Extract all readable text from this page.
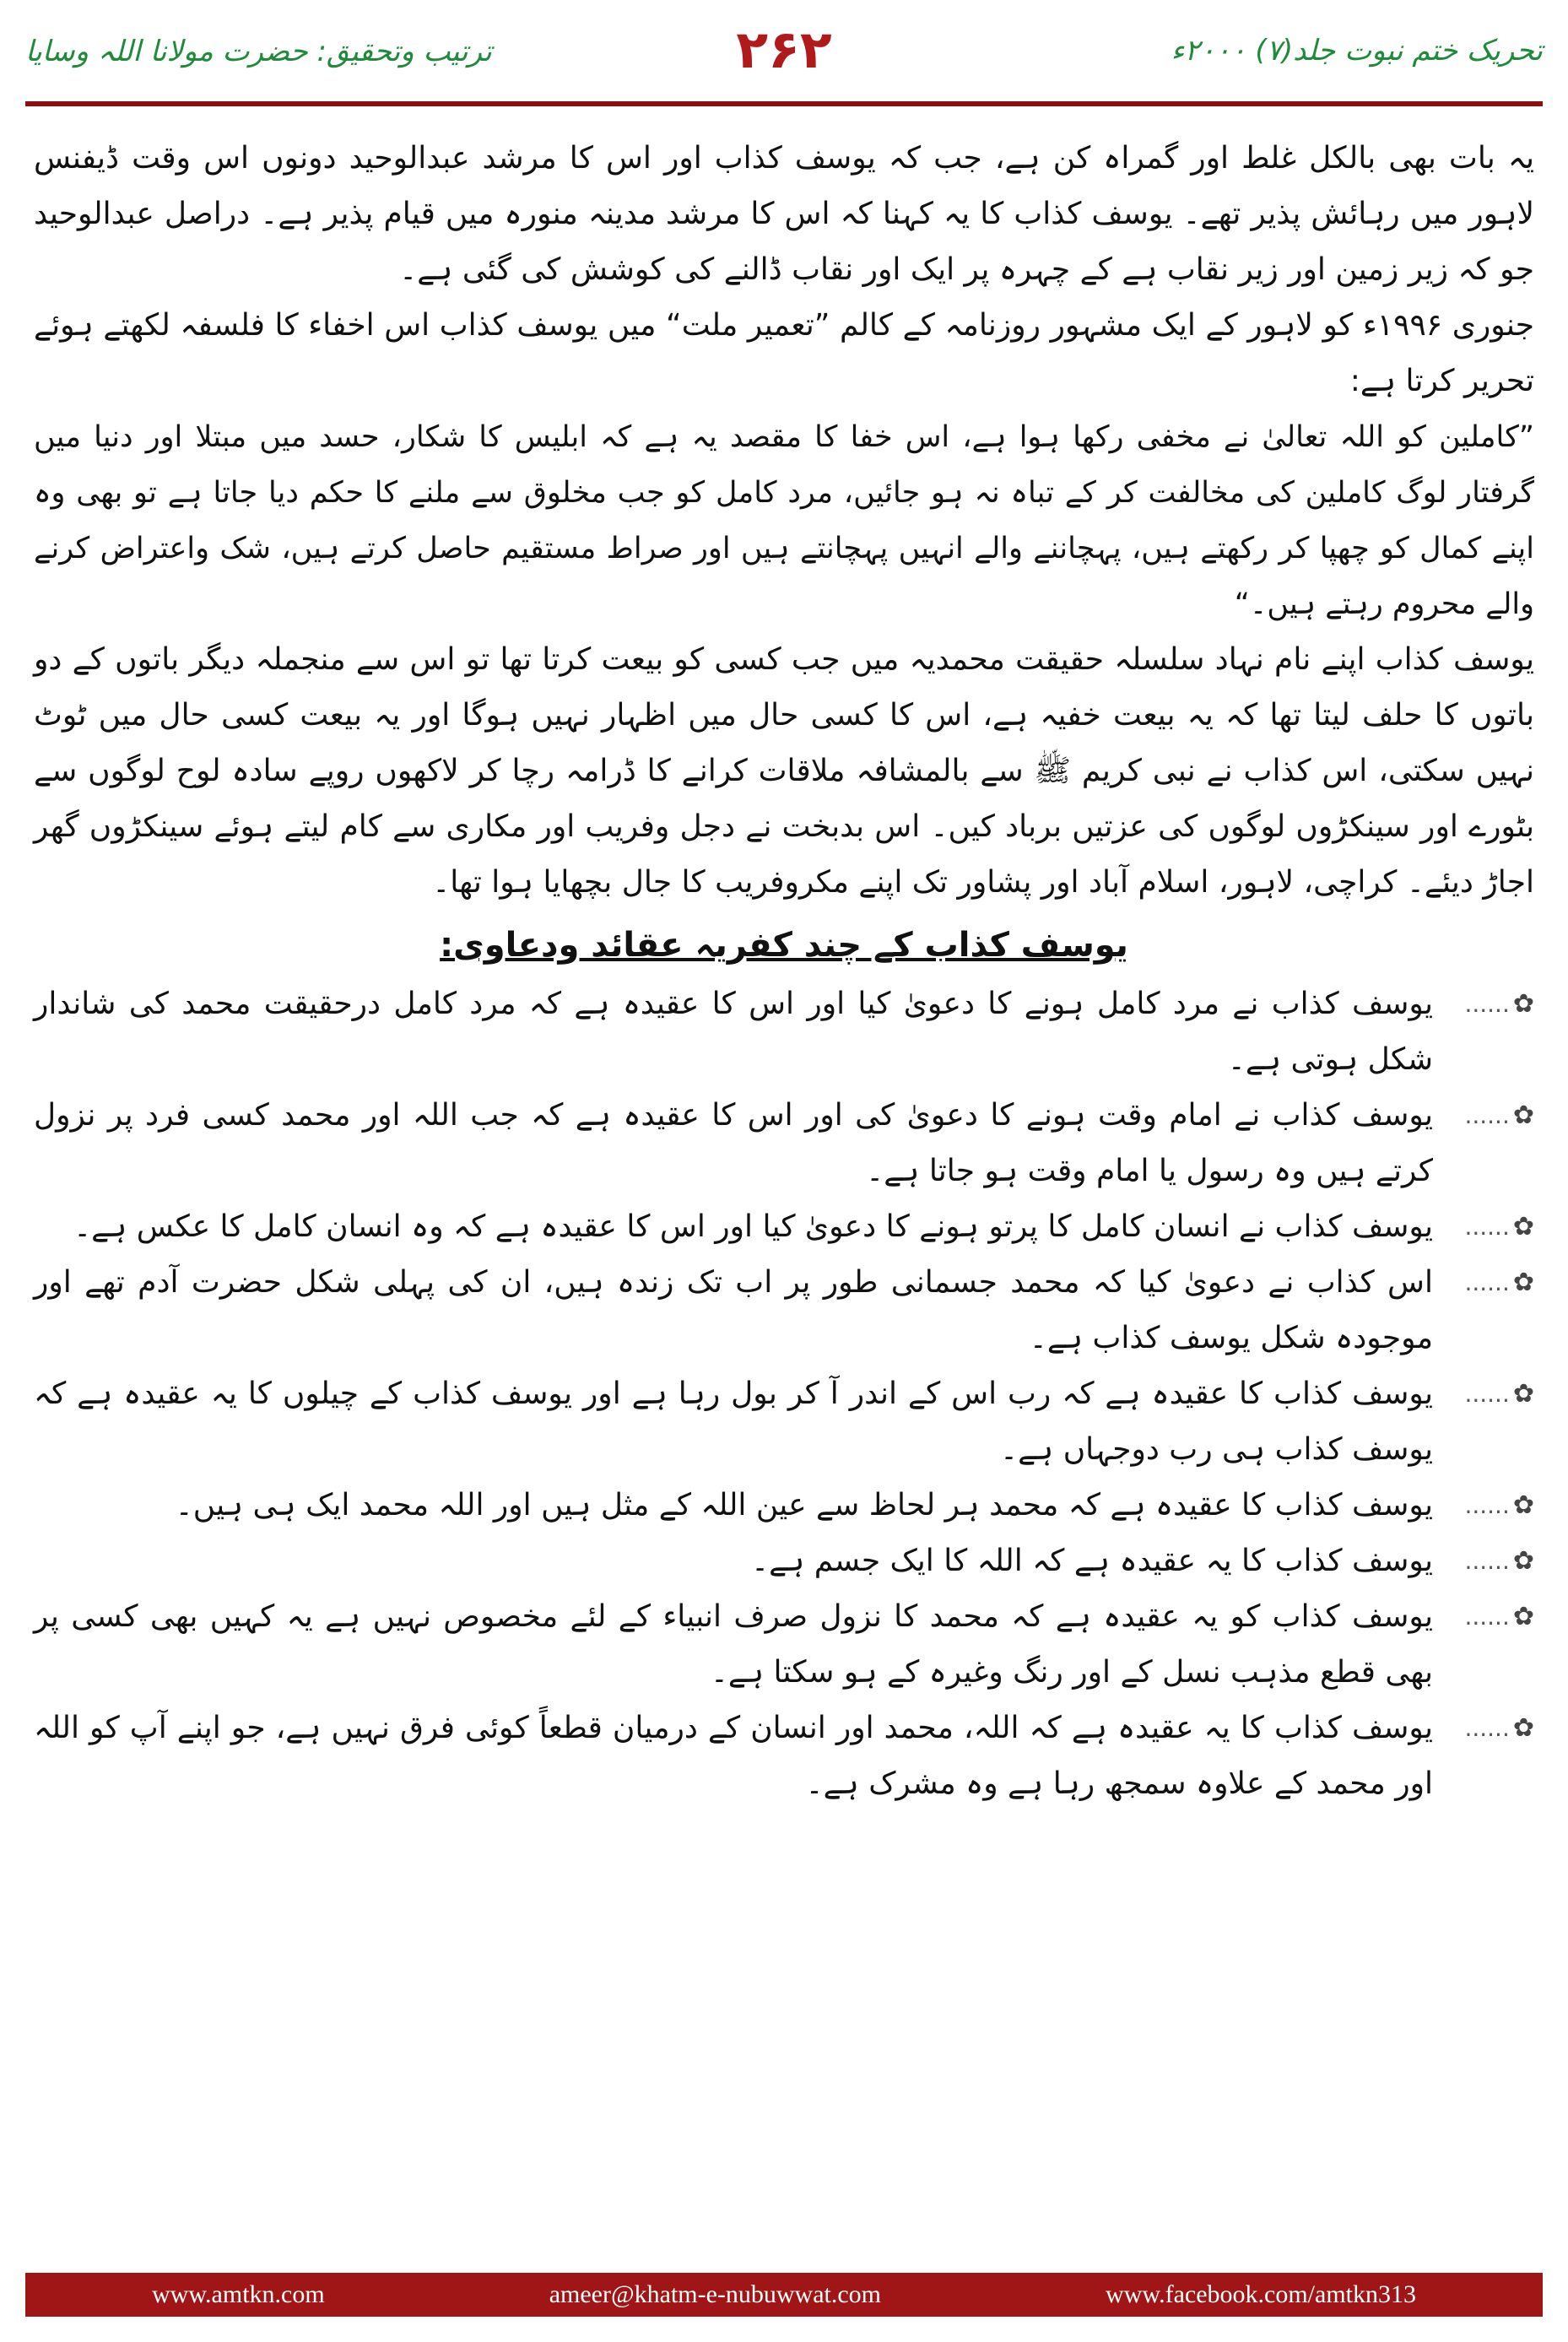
ترتیب وتحقیق: حضرت مولانا اللہ وسایا	۲۶۲	تحریک ختم نبوت جلد(۷) ۲۰۰۰ء

یہ بات بھی بالکل غلط اور گمراہ کن ہے، جب کہ یوسف کذاب اور اس کا مرشد عبدالوحید دونوں اس وقت ڈیفنس لاہور میں رہائش پذیر تھے۔ یوسف کذاب کا یہ کہنا کہ اس کا مرشد مدینہ منورہ میں قیام پذیر ہے۔ دراصل عبدالوحید جو کہ زیر زمین اور زیر نقاب ہے کے چہرہ پر ایک اور نقاب ڈالنے کی کوشش کی گئی ہے۔

جنوری ۱۹۹۶ء کو لاہور کے ایک مشہور روزنامہ کے کالم ”تعمیر ملت“ میں یوسف کذاب اس اخفاء کا فلسفہ لکھتے ہوئے تحریر کرتا ہے:

”کاملین کو اللہ تعالیٰ نے مخفی رکھا ہوا ہے، اس خفا کا مقصد یہ ہے کہ ابلیس کا شکار، حسد میں مبتلا اور دنیا میں گرفتار لوگ کاملین کی مخالفت کر کے تباہ نہ ہو جائیں، مرد کامل کو جب مخلوق سے ملنے کا حکم دیا جاتا ہے تو بھی وہ اپنے کمال کو چھپا کر رکھتے ہیں، پہچاننے والے انہیں پہچانتے ہیں اور صراط مستقیم حاصل کرتے ہیں، شک واعتراض کرنے والے محروم رہتے ہیں۔“

یوسف کذاب اپنے نام نہاد سلسلہ حقیقت محمدیہ میں جب کسی کو بیعت کرتا تھا تو اس سے منجملہ دیگر باتوں کے دو باتوں کا حلف لیتا تھا کہ یہ بیعت خفیہ ہے، اس کا کسی حال میں اظہار نہیں ہوگا اور یہ بیعت کسی حال میں ٹوٹ نہیں سکتی، اس کذاب نے نبی کریم ﷺ سے بالمشافہ ملاقات کرانے کا ڈرامہ رچا کر لاکھوں روپے سادہ لوح لوگوں سے بٹورے اور سینکڑوں لوگوں کی عزتیں برباد کیں۔ اس بدبخت نے دجل وفریب اور مکاری سے کام لیتے ہوئے سینکڑوں گھر اجاڑ دیئے۔ کراچی، لاہور، اسلام آباد اور پشاور تک اپنے مکروفریب کا جال بچھایا ہوا تھا۔

یوسف کذاب کے چند کفریہ عقائد ودعاوی:
✿
......
یوسف کذاب نے مرد کامل ہونے کا دعویٰ کیا اور اس کا عقیدہ ہے کہ مرد کامل درحقیقت محمد کی شاندار شکل ہوتی ہے۔
✿
......
یوسف کذاب نے امام وقت ہونے کا دعویٰ کی اور اس کا عقیدہ ہے کہ جب اللہ اور محمد کسی فرد پر نزول کرتے ہیں وہ رسول یا امام وقت ہو جاتا ہے۔
✿
......
یوسف کذاب نے انسان کامل کا پرتو ہونے کا دعویٰ کیا اور اس کا عقیدہ ہے کہ وہ انسان کامل کا عکس ہے۔
✿
......
اس کذاب نے دعویٰ کیا کہ محمد جسمانی طور پر اب تک زندہ ہیں، ان کی پہلی شکل حضرت آدم تھے اور موجودہ شکل یوسف کذاب ہے۔
✿
......
یوسف کذاب کا عقیدہ ہے کہ رب اس کے اندر آ کر بول رہا ہے اور یوسف کذاب کے چیلوں کا یہ عقیدہ ہے کہ یوسف کذاب ہی رب دوجہاں ہے۔
✿
......
یوسف کذاب کا عقیدہ ہے کہ محمد ہر لحاظ سے عین اللہ کے مثل ہیں اور اللہ محمد ایک ہی ہیں۔
✿
......
یوسف کذاب کا یہ عقیدہ ہے کہ اللہ کا ایک جسم ہے۔
✿
......
یوسف کذاب کو یہ عقیدہ ہے کہ محمد کا نزول صرف انبیاء کے لئے مخصوص نہیں ہے یہ کہیں بھی کسی پر بھی قطع مذہب نسل کے اور رنگ وغیرہ کے ہو سکتا ہے۔
✿
......
یوسف کذاب کا یہ عقیدہ ہے کہ اللہ، محمد اور انسان کے درمیان قطعاً کوئی فرق نہیں ہے، جو اپنے آپ کو اللہ اور محمد کے علاوہ سمجھ رہا ہے وہ مشرک ہے۔
www.amtkn.com	ameer@khatm-e-nubuwwat.com	www.facebook.com/amtkn313
